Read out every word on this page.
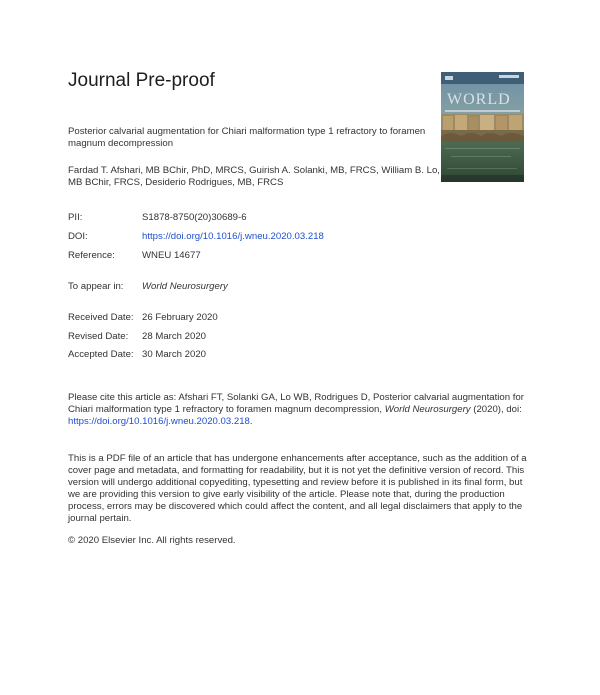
Journal Pre-proof
WORLD
Posterior calvarial augmentation for Chiari malformation type 1 refractory to foramen magnum decompression
Fardad T. Afshari, MB BChir, PhD, MRCS, Guirish A. Solanki, MB, FRCS, William B. Lo, MB BChir, FRCS, Desiderio Rodrigues, MB, FRCS
PII:	S1878-8750(20)30689-6
DOI:	https://doi.org/10.1016/j.wneu.2020.03.218
Reference:	WNEU 14677
To appear in: World Neurosurgery
Received Date: 26 February 2020
Revised Date: 28 March 2020
Accepted Date: 30 March 2020
Please cite this article as: Afshari FT, Solanki GA, Lo WB, Rodrigues D, Posterior calvarial augmentation for Chiari malformation type 1 refractory to foramen magnum decompression, World Neurosurgery (2020), doi: https://doi.org/10.1016/j.wneu.2020.03.218.
This is a PDF file of an article that has undergone enhancements after acceptance, such as the addition of a cover page and metadata, and formatting for readability, but it is not yet the definitive version of record. This version will undergo additional copyediting, typesetting and review before it is published in its final form, but we are providing this version to give early visibility of the article. Please note that, during the production process, errors may be discovered which could affect the content, and all legal disclaimers that apply to the journal pertain.
© 2020 Elsevier Inc. All rights reserved.
